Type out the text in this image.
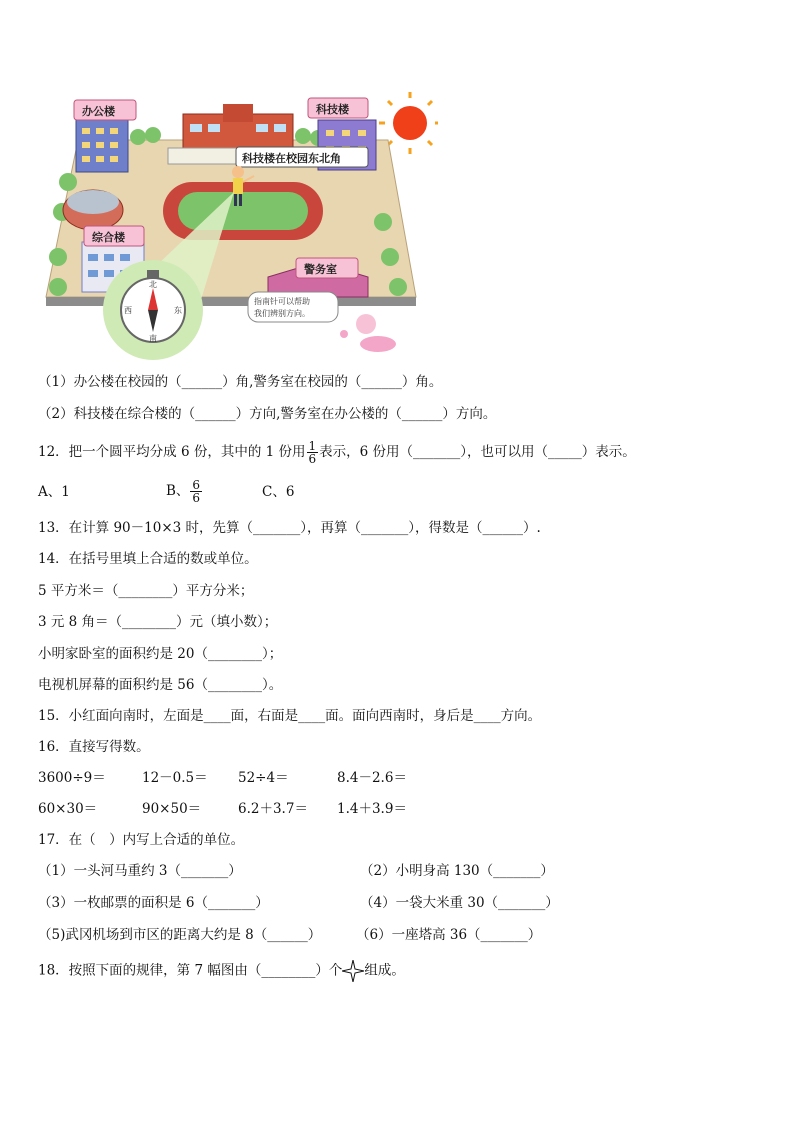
办公楼	科技楼
科技楼在校园东北角
综合楼
警务室
北
东
南
西
指南针可以帮助
我们辨别方向。
（1）办公楼在校园的（______）角,警务室在校园的（______）角。
（2）科技楼在综合楼的（______）方向,警务室在办公楼的（______）方向。
12．把一个圆平均分成 6 份，其中的 1 份用 $\frac{1}{6}$ 表示，6 份用（_______），也可以用（_____）表示。
A、1	B、 $\frac{6}{6}$	C、6
13．在计算 90－10×3 时，先算（_______），再算（_______），得数是（______）.
14．在括号里填上合适的数或单位。
5 平方米＝（________）平方分米；
3 元 8 角＝（________）元（填小数）；
小明家卧室的面积约是 20（________）；
电视机屏幕的面积约是 56（________）。
15．小红面向南时，左面是____面，右面是____面。面向西南时，身后是____方向。
16．直接写得数。
3600÷9＝	12－0.5＝ 52÷4＝	8.4－2.6＝
60×30＝	90×50＝	6.2＋3.7＝ 1.4＋3.9＝
17．在（　）内写上合适的单位。
（1）一头河马重约 3（_______）	（2）小明身高 130（_______）
（3）一枚邮票的面积是 6（_______）	（4）一袋大米重 30（_______）
（5)武冈机场到市区的距离大约是 8（______）	（6）一座塔高 36（_______）
18．按照下面的规律，第 7 幅图由（________）个 组成。
